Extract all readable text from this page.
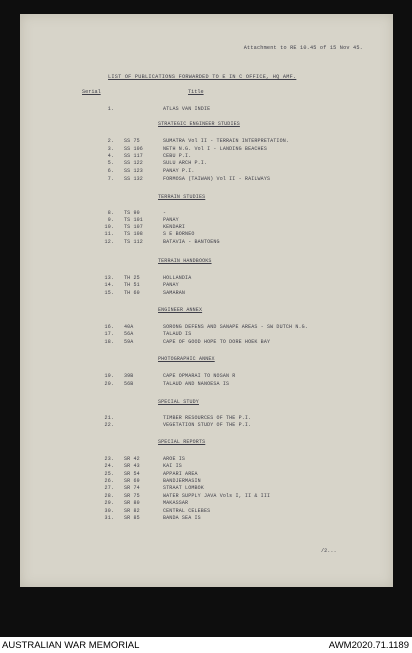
Attachment to RE 10.45 of 15 Nov 45.
LIST OF PUBLICATIONS FORWARDED TO E IN C OFFICE, HQ AMF.
Serial	Title
1.	ATLAS VAN INDIE
STRATEGIC ENGINEER STUDIES
2. SS 75	SUMATRA Vol II - TERRAIN INTERPRETATION.
3. SS 106	NETH N.G. Vol I - LANDING BEACHES
4. SS 117	CEBU P.I.
5. SS 122	SULU ARCH P.I.
6. SS 123	PANAY P.I.
7. SS 132	FORMOSA (TAIWAN) Vol II - RAILWAYS
TERRAIN STUDIES
8. TS 90	-
9. TS 101	PANAY
10. TS 107	KENDARI
11. TS 108	S E BORNEO
12. TS 112	BATAVIA - BANTOENG
TERRAIN HANDBOOKS
13. TH 25	HOLLANDIA
14. TH 51	PANAY
15. TH 60	SAMARAN
ENGINEER ANNEX
16. 40A	SORONG DEFENS AND SANAPE AREAS - SW DUTCH N.G.
17. 56A	TALAUD IS
18. 59A	CAPE OF GOOD HOPE TO DORE HOEK BAY
PHOTOGRAPHIC ANNEX
19. 39B	CAPE OPMARAI TO NOSAN R
20. 56B	TALAUD AND NANOESA IS
SPECIAL STUDY
21.	TIMBER RESOURCES OF THE P.I.
22.	VEGETATION STUDY OF THE P.I.
SPECIAL REPORTS
23. SR 42	AROE IS
24. SR 43	KAI IS
25. SR 54	APPARI AREA
26. SR 69	BANDJERMASIN
27. SR 74	STRAAT LOMBOK
28. SR 75	WATER SUPPLY JAVA Vols I, II & III
29. SR 80	MAKASSAR
30. SR 82	CENTRAL CELEBES
31. SR 85	BANDA SEA IS
/2...
AUSTRALIAN WAR MEMORIAL	AWM2020.71.1189
